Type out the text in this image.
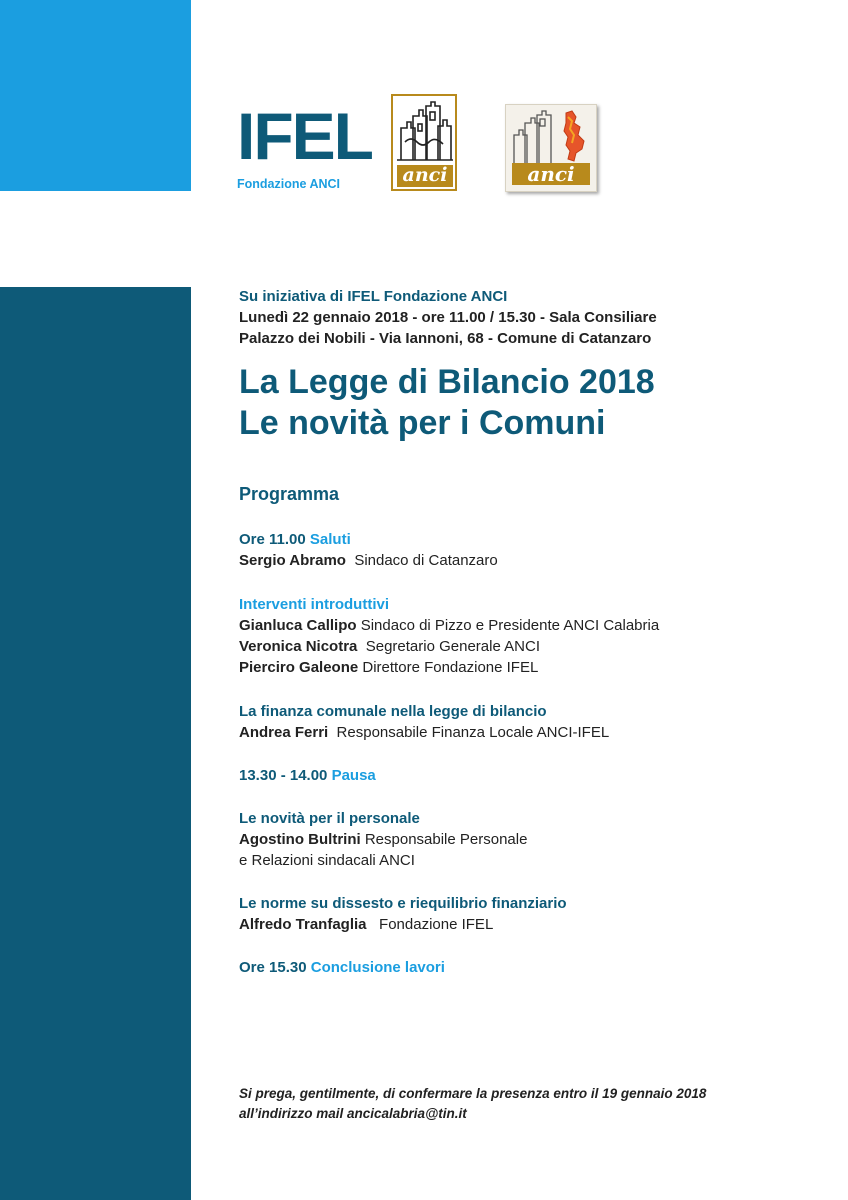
IFEL
Fondazione ANCI	anci	anci

Su iniziativa di IFEL Fondazione ANCI

Lunedì 22 gennaio 2018 - ore 11.00 / 15.30 - Sala Consiliare

Palazzo dei Nobili - Via Iannoni, 68 - Comune di Catanzaro

La Legge di Bilancio 2018
Le novità per i Comuni
Programma
Ore 11.00 Saluti
Sergio Abramo Sindaco di Catanzaro
Interventi introduttivi
Gianluca Callipo Sindaco di Pizzo e Presidente ANCI Calabria
Veronica Nicotra Segretario Generale ANCI
Pierciro Galeone Direttore Fondazione IFEL
La finanza comunale nella legge di bilancio
Andrea Ferri Responsabile Finanza Locale ANCI-IFEL
13.30 - 14.00 Pausa
Le novità per il personale
Agostino Bultrini Responsabile Personale
e Relazioni sindacali ANCI
Le norme su dissesto e riequilibrio finanziario
Alfredo Tranfaglia Fondazione IFEL
Ore 15.30 Conclusione lavori

Si prega, gentilmente, di confermare la presenza entro il 19 gennaio 2018

all’indirizzo mail ancicalabria@tin.it
